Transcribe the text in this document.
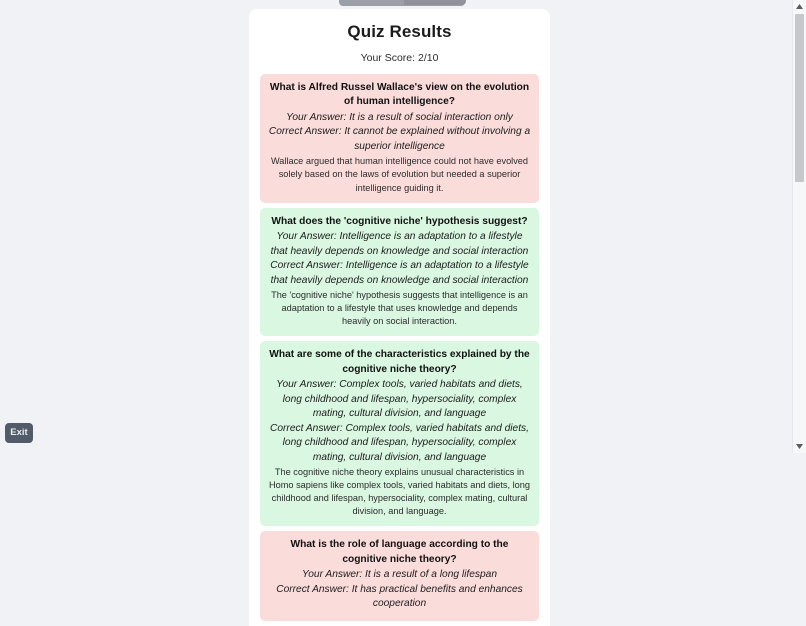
Quiz Results

Your Score: 2/10

What is Alfred Russel Wallace's view on the evolution of human intelligence?

Your Answer: It is a result of social interaction only

Correct Answer: It cannot be explained without involving a superior intelligence

Wallace argued that human intelligence could not have evolved solely based on the laws of evolution but needed a superior intelligence guiding it.

What does the 'cognitive niche' hypothesis suggest?

Your Answer: Intelligence is an adaptation to a lifestyle that heavily depends on knowledge and social interaction

Correct Answer: Intelligence is an adaptation to a lifestyle that heavily depends on knowledge and social interaction

The 'cognitive niche' hypothesis suggests that intelligence is an adaptation to a lifestyle that uses knowledge and depends heavily on social interaction.

What are some of the characteristics explained by the cognitive niche theory?

Your Answer: Complex tools, varied habitats and diets, long childhood and lifespan, hypersociality, complex mating, cultural division, and language

Correct Answer: Complex tools, varied habitats and diets, long childhood and lifespan, hypersociality, complex mating, cultural division, and language

The cognitive niche theory explains unusual characteristics in Homo sapiens like complex tools, varied habitats and diets, long childhood and lifespan, hypersociality, complex mating, cultural division, and language.

What is the role of language according to the cognitive niche theory?

Your Answer: It is a result of a long lifespan

Correct Answer: It has practical benefits and enhances cooperation

Exit
